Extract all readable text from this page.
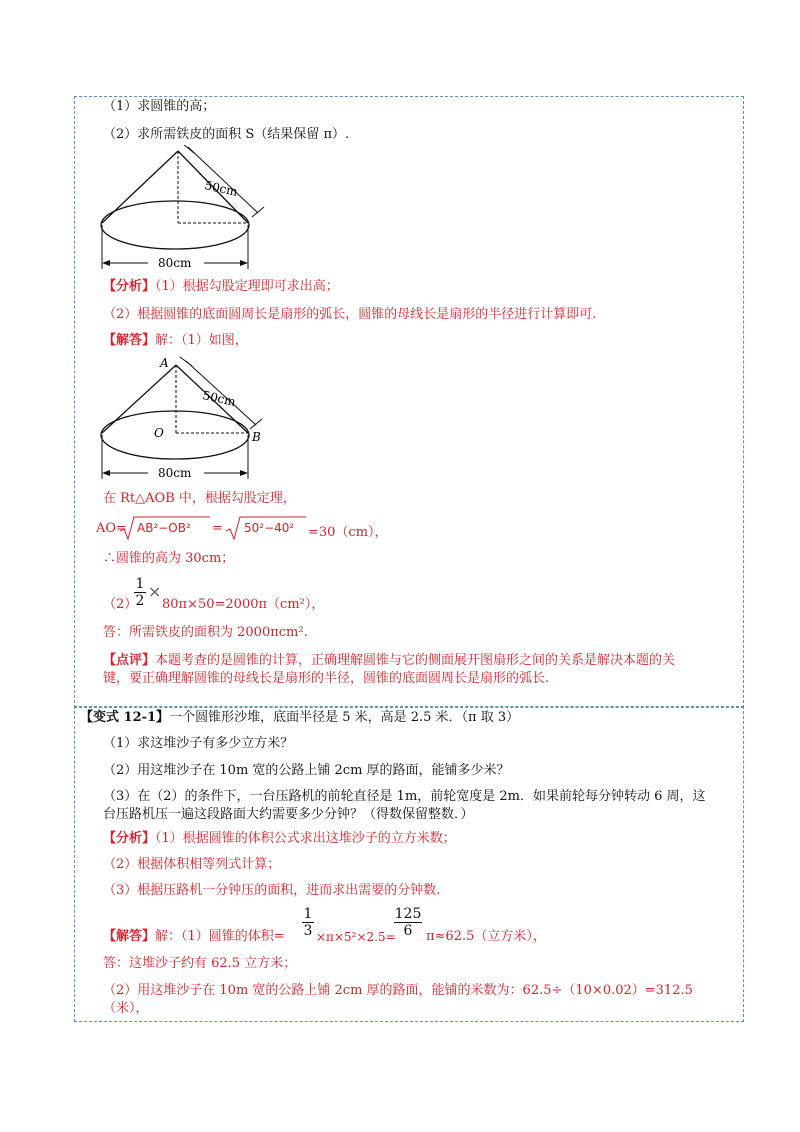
（1）求圆锥的高；
（2）求所需铁皮的面积 S（结果保留 π）.
50cm
80cm
【分析】（1）根据勾股定理即可求出高；
（2）根据圆锥的底面圆周长是扇形的弧长，圆锥的母线长是扇形的半径进行计算即可.
【解答】解：（1）如图，
A
O	B
50cm
80cm
在 Rt△AOB 中，根据勾股定理，
AO= AB²−OB² = 50²−40² =30（cm），
∴圆锥的高为 30cm；
1
2 ×
（2） 80π×50=2000π（cm²），
答：所需铁皮的面积为 2000πcm².
【点评】本题考查的是圆锥的计算，正确理解圆锥与它的侧面展开图扇形之间的关系是解决本题的关
键，要正确理解圆锥的母线长是扇形的半径，圆锥的底面圆周长是扇形的弧长.
【变式 12-1】一个圆锥形沙堆，底面半径是 5 米，高是 2.5 米．（π 取 3）
（1）求这堆沙子有多少立方米？
（2）用这堆沙子在 10m 宽的公路上铺 2cm 厚的路面，能铺多少米？
（3）在（2）的条件下，一台压路机的前轮直径是 1m，前轮宽度是 2m．如果前轮每分钟转动 6 周，这
台压路机压一遍这段路面大约需要多少分钟？（得数保留整数．）
【分析】（1）根据圆锥的体积公式求出这堆沙子的立方米数；
（2）根据体积相等列式计算；
（3）根据压路机一分钟压的面积，进而求出需要的分钟数.
【解答】解：（1）圆锥的体积=
1
3 ×π×5²×2.5=
125
6	π≈62.5（立方米），
答：这堆沙子约有 62.5 立方米；
（2）用这堆沙子在 10m 宽的公路上铺 2cm 厚的路面，能铺的米数为：62.5÷（10×0.02）=312.5
（米），
